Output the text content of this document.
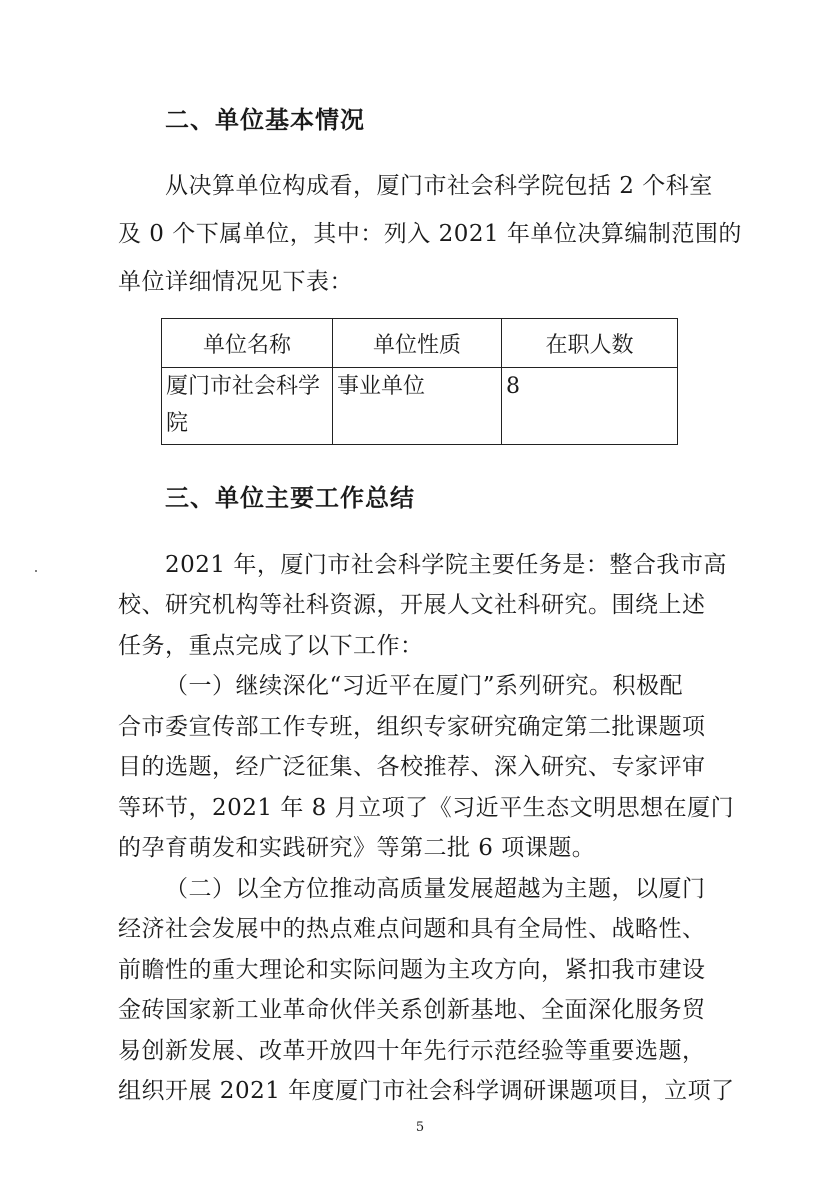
二、单位基本情况
从决算单位构成看，厦门市社会科学院包括 2 个科室
及 0 个下属单位，其中：列入 2021 年单位决算编制范围的
单位详细情况见下表：
单位名称	单位性质	在职人数
厦门市社会科学院	事业单位	8
三、单位主要工作总结
2021 年，厦门市社会科学院主要任务是：整合我市高
校、研究机构等社科资源，开展人文社科研究。围绕上述
任务，重点完成了以下工作：
（一）继续深化“习近平在厦门”系列研究。积极配
合市委宣传部工作专班，组织专家研究确定第二批课题项
目的选题，经广泛征集、各校推荐、深入研究、专家评审
等环节，2021 年 8 月立项了《习近平生态文明思想在厦门
的孕育萌发和实践研究》等第二批 6 项课题。
（二）以全方位推动高质量发展超越为主题，以厦门
经济社会发展中的热点难点问题和具有全局性、战略性、
前瞻性的重大理论和实际问题为主攻方向，紧扣我市建设
金砖国家新工业革命伙伴关系创新基地、全面深化服务贸
易创新发展、改革开放四十年先行示范经验等重要选题，
组织开展 2021 年度厦门市社会科学调研课题项目，立项了
5
